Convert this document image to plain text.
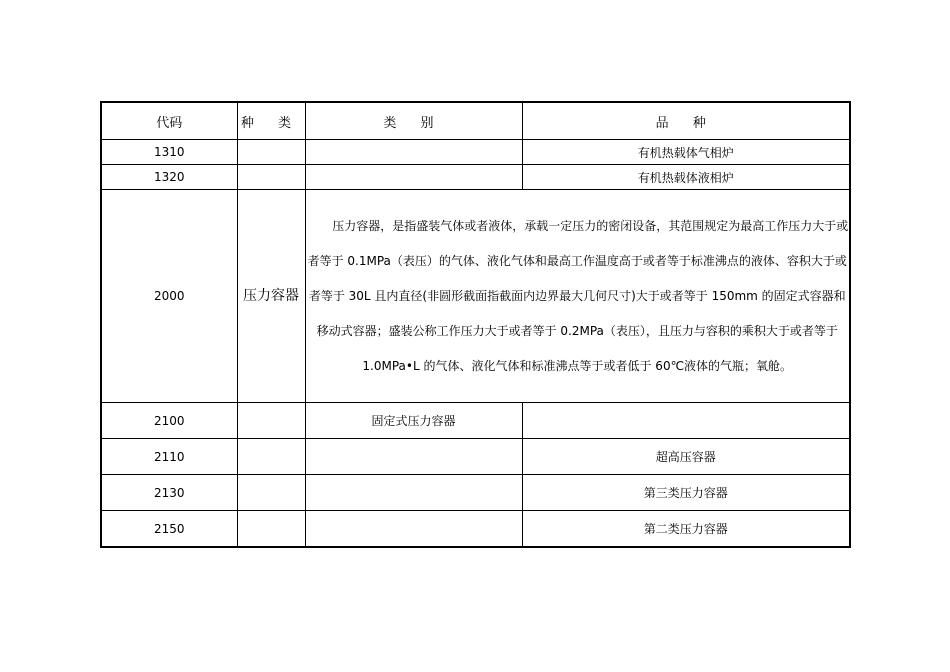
代码	种 类	类 别	品 种
1310			有机热载体气相炉
1320			有机热载体液相炉
2000	压力容器	压力容器，是指盛装气体或者液体，承载一定压力的密闭设备，其范围规定为最高工作压力大于或者等于 0.1MPa（表压）的气体、液化气体和最高工作温度高于或者等于标准沸点的液体、容积大于或者等于 30L 且内直径(非圆形截面指截面内边界最大几何尺寸)大于或者等于 150mm 的固定式容器和移动式容器；盛装公称工作压力大于或者等于 0.2MPa（表压），且压力与容积的乘积大于或者等于 1.0MPa•L 的气体、液化气体和标准沸点等于或者低于 60℃液体的气瓶；氧舱。	

2100		固定式压力容器	
2110			超高压容器
2130			第三类压力容器
2150			第二类压力容器
